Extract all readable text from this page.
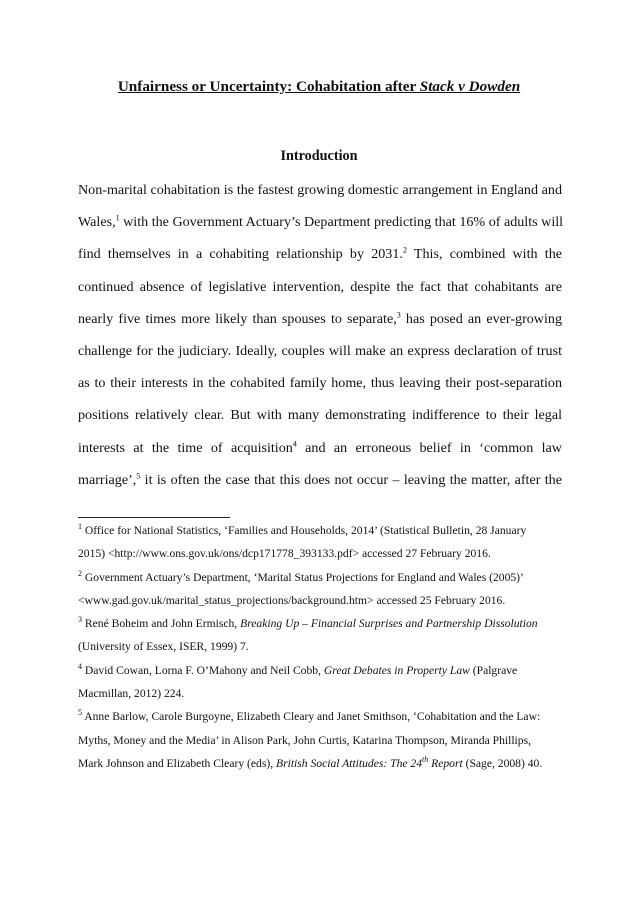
Unfairness or Uncertainty: Cohabitation after Stack v Dowden
Introduction
Non-marital cohabitation is the fastest growing domestic arrangement in England and
Wales,$^1$ with the Government Actuary’s Department predicting that 16% of adults will
find themselves in a cohabiting relationship by 2031.$^2$ This, combined with the
continued absence of legislative intervention, despite the fact that cohabitants are
nearly five times more likely than spouses to separate,$^3$ has posed an ever-growing
challenge for the judiciary. Ideally, couples will make an express declaration of trust
as to their interests in the cohabited family home, thus leaving their post-separation
positions relatively clear. But with many demonstrating indifference to their legal
interests at the time of acquisition$^4$ and an erroneous belief in ‘common law
marriage’,$^5$ it is often the case that this does not occur – leaving the matter, after the
$^1$ Office for National Statistics, ‘Families and Households, 2014’ (Statistical Bulletin, 28 January
2015) <http://www.ons.gov.uk/ons/dcp171778_393133.pdf> accessed 27 February 2016.
$^2$ Government Actuary’s Department, ‘Marital Status Projections for England and Wales (2005)’
<www.gad.gov.uk/marital_status_projections/background.htm> accessed 25 February 2016.
$^3$ René Boheim and John Ermisch, Breaking Up – Financial Surprises and Partnership Dissolution
(University of Essex, ISER, 1999) 7.
$^4$ David Cowan, Lorna F. O’Mahony and Neil Cobb, Great Debates in Property Law (Palgrave
Macmillan, 2012) 224.
$^5$ Anne Barlow, Carole Burgoyne, Elizabeth Cleary and Janet Smithson, ‘Cohabitation and the Law:
Myths, Money and the Media’ in Alison Park, John Curtis, Katarina Thompson, Miranda Phillips,
Mark Johnson and Elizabeth Cleary (eds), British Social Attitudes: The 24th Report (Sage, 2008) 40.
